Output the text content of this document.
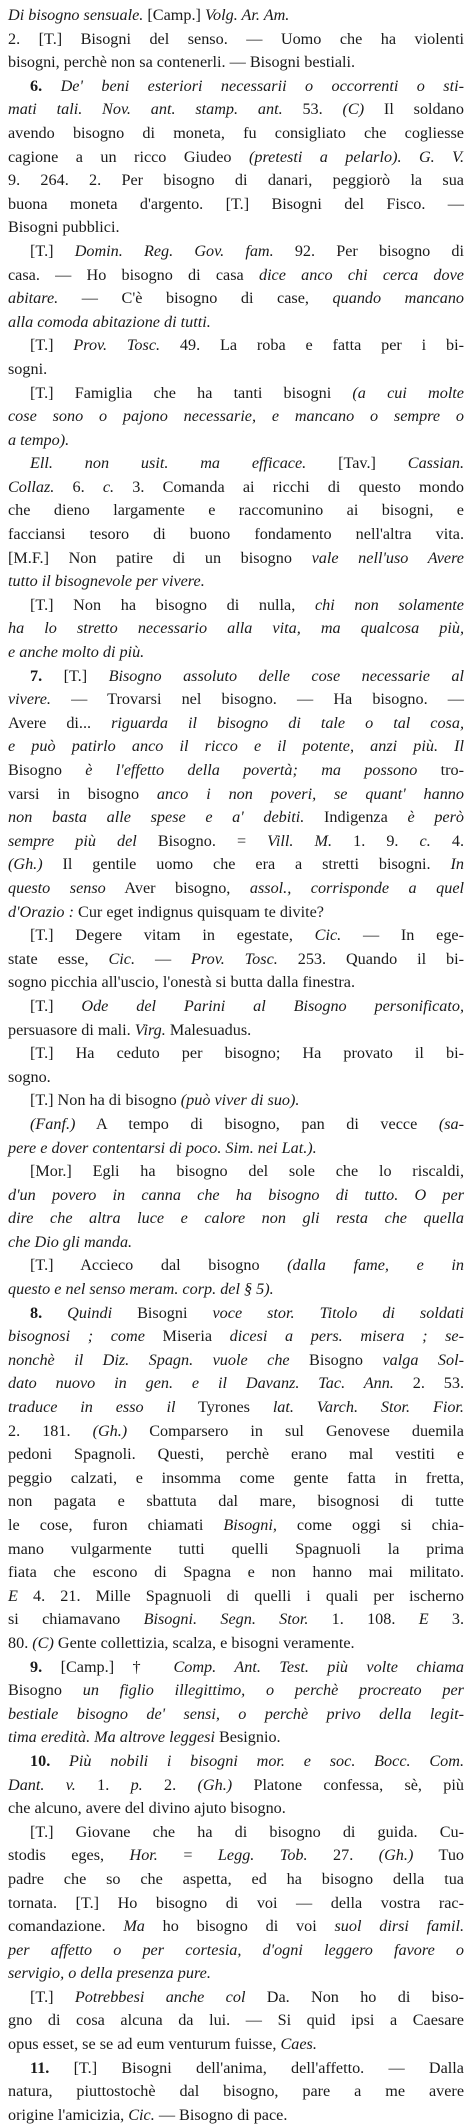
Di bisogno sensuale. [Camp.] Volg. Ar. Am.
2. [T.] Bisogni del senso. — Uomo che ha violenti
bisogni, perchè non sa contenerli. — Bisogni bestiali.
6. De' beni esteriori necessarii o occorrenti o sti-
mati tali. Nov. ant. stamp. ant. 53. (C) Il soldano
avendo bisogno di moneta, fu consigliato che cogliesse
cagione a un ricco Giudeo (pretesti a pelarlo). G. V.
9. 264. 2. Per bisogno di danari, peggiorò la sua
buona moneta d'argento. [T.] Bisogni del Fisco. —
Bisogni pubblici.
[T.] Domin. Reg. Gov. fam. 92. Per bisogno di
casa. — Ho bisogno di casa dice anco chi cerca dove
abitare. — C'è bisogno di case, quando mancano
alla comoda abitazione di tutti.
[T.] Prov. Tosc. 49. La roba e fatta per i bi-
sogni.
[T.] Famiglia che ha tanti bisogni (a cui molte
cose sono o pajono necessarie, e mancano o sempre o
a tempo).
Ell. non usit. ma efficace. [Tav.] Cassian.
Collaz. 6. c. 3. Comanda ai ricchi di questo mondo
che dieno largamente e raccomunino ai bisogni, e
facciansi tesoro di buono fondamento nell'altra vita.
[M.F.] Non patire di un bisogno vale nell'uso Avere
tutto il bisognevole per vivere.
[T.] Non ha bisogno di nulla, chi non solamente
ha lo stretto necessario alla vita, ma qualcosa più,
e anche molto di più.
7. [T.] Bisogno assoluto delle cose necessarie al
vivere. — Trovarsi nel bisogno. — Ha bisogno. —
Avere di... riguarda il bisogno di tale o tal cosa,
e può patirlo anco il ricco e il potente, anzi più. Il
Bisogno è l'effetto della povertà; ma possono tro-
varsi in bisogno anco i non poveri, se quant' hanno
non basta alle spese e a' debiti. Indigenza è però
sempre più del Bisogno. = Vill. M. 1. 9. c. 4.
(Gh.) Il gentile uomo che era a stretti bisogni. In
questo senso Aver bisogno, assol., corrisponde a quel
d'Orazio : Cur eget indignus quisquam te divite?
[T.] Degere vitam in egestate, Cic. — In ege-
state esse, Cic. — Prov. Tosc. 253. Quando il bi-
sogno picchia all'uscio, l'onestà si butta dalla finestra.
[T.] Ode del Parini al Bisogno personificato,
persuasore di mali. Virg. Malesuadus.
[T.] Ha ceduto per bisogno; Ha provato il bi-
sogno.
[T.] Non ha di bisogno (può viver di suo).
(Fanf.) A tempo di bisogno, pan di vecce (sa-
pere e dover contentarsi di poco. Sim. nei Lat.).
[Mor.] Egli ha bisogno del sole che lo riscaldi,
d'un povero in canna che ha bisogno di tutto. O per
dire che altra luce e calore non gli resta che quella
che Dio gli manda.
[T.] Accieco dal bisogno (dalla fame, e in
questo e nel senso meram. corp. del § 5).
8. Quindi Bisogni voce stor. Titolo di soldati
bisognosi ; come Miseria dicesi a pers. misera ; se-
nonchè il Diz. Spagn. vuole che Bisogno valga Sol-
dato nuovo in gen. e il Davanz. Tac. Ann. 2. 53.
traduce in esso il Tyrones lat. Varch. Stor. Fior.
2. 181. (Gh.) Comparsero in sul Genovese duemila
pedoni Spagnoli. Questi, perchè erano mal vestiti e
peggio calzati, e insomma come gente fatta in fretta,
non pagata e sbattuta dal mare, bisognosi di tutte
le cose, furon chiamati Bisogni, come oggi si chia-
mano vulgarmente tutti quelli Spagnuoli la prima
fiata che escono di Spagna e non hanno mai militato.
E 4. 21. Mille Spagnuoli di quelli i quali per ischerno
si chiamavano Bisogni. Segn. Stor. 1. 108. E 3.
80. (C) Gente collettizia, scalza, e bisogni veramente.
9. [Camp.] † Comp. Ant. Test. più volte chiama
Bisogno un figlio illegittimo, o perchè procreato per
bestiale bisogno de' sensi, o perchè privo della legit-
tima eredità. Ma altrove leggesi Besignio.
10. Più nobili i bisogni mor. e soc. Bocc. Com.
Dant. v. 1. p. 2. (Gh.) Platone confessa, sè, più
che alcuno, avere del divino ajuto bisogno.
[T.] Giovane che ha di bisogno di guida. Cu-
stodis eges, Hor. = Legg. Tob. 27. (Gh.) Tuo
padre che so che aspetta, ed ha bisogno della tua
tornata. [T.] Ho bisogno di voi — della vostra rac-
comandazione. Ma ho bisogno di voi suol dirsi famil.
per affetto o per cortesia, d'ogni leggero favore o
servigio, o della presenza pure.
[T.] Potrebbesi anche col Da. Non ho di biso-
gno di cosa alcuna da lui. — Si quid ipsi a Caesare
opus esset, se se ad eum venturum fuisse, Caes.
11. [T.] Bisogni dell'anima, dell'affetto. — Dalla
natura, piuttostochè dal bisogno, pare a me avere
origine l'amicizia, Cic. — Bisogno di pace.
